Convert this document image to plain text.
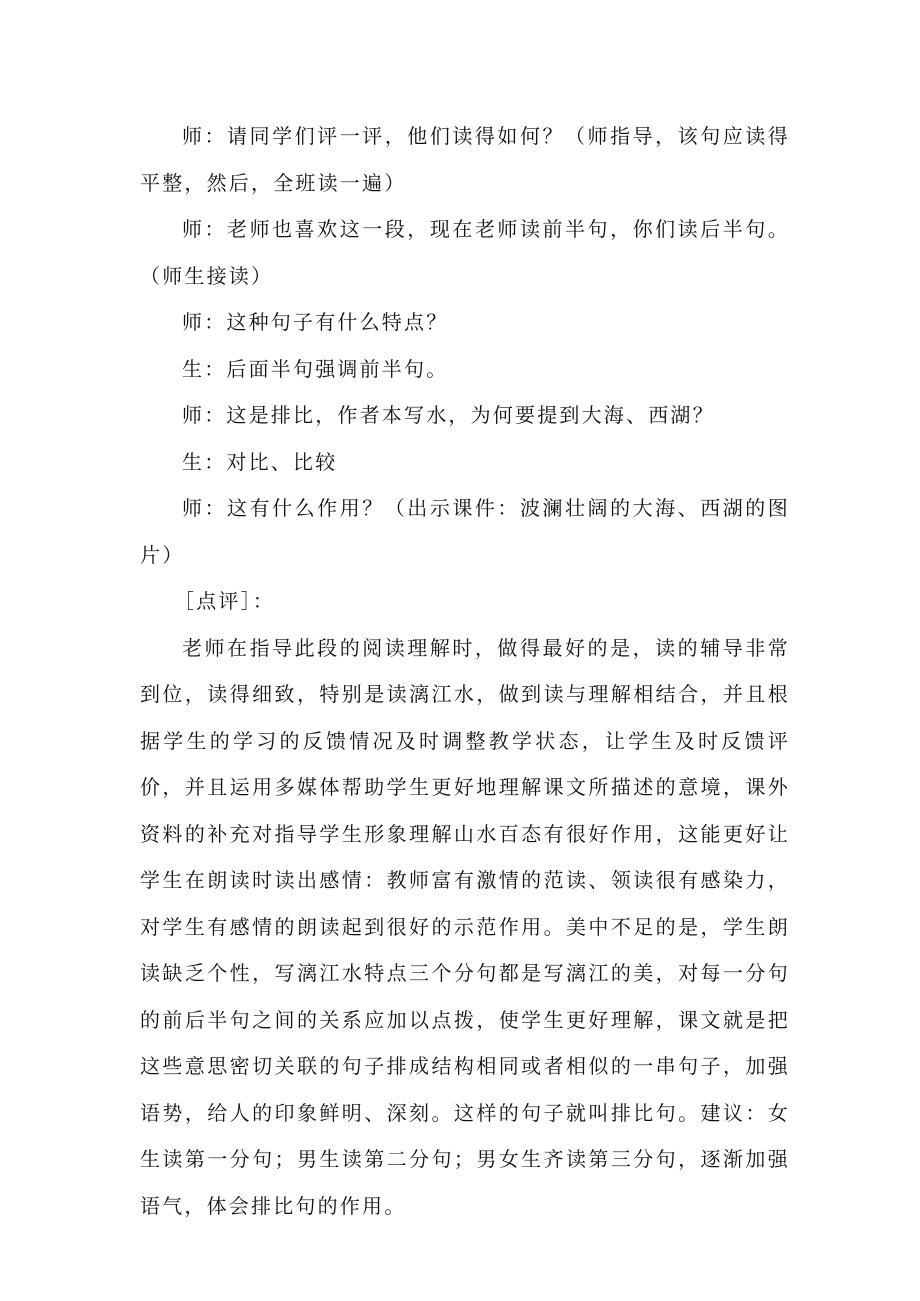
师：请同学们评一评，他们读得如何？（师指导，该句应读得平整，然后，全班读一遍）

师：老师也喜欢这一段，现在老师读前半句，你们读后半句。（师生接读）

师：这种句子有什么特点？

生：后面半句强调前半句。

师：这是排比，作者本写水，为何要提到大海、西湖？

生：对比、比较

师：这有什么作用？（出示课件：波澜壮阔的大海、西湖的图片）

［点评］：

老师在指导此段的阅读理解时，做得最好的是，读的辅导非常到位，读得细致，特别是读漓江水，做到读与理解相结合，并且根据学生的学习的反馈情况及时调整教学状态，让学生及时反馈评价，并且运用多媒体帮助学生更好地理解课文所描述的意境，课外资料的补充对指导学生形象理解山水百态有很好作用，这能更好让学生在朗读时读出感情：教师富有激情的范读、领读很有感染力，对学生有感情的朗读起到很好的示范作用。美中不足的是，学生朗读缺乏个性，写漓江水特点三个分句都是写漓江的美，对每一分句的前后半句之间的关系应加以点拨，使学生更好理解，课文就是把这些意思密切关联的句子排成结构相同或者相似的一串句子，加强语势，给人的印象鲜明、深刻。这样的句子就叫排比句。建议：女生读第一分句；男生读第二分句；男女生齐读第三分句，逐渐加强语气，体会排比句的作用。
